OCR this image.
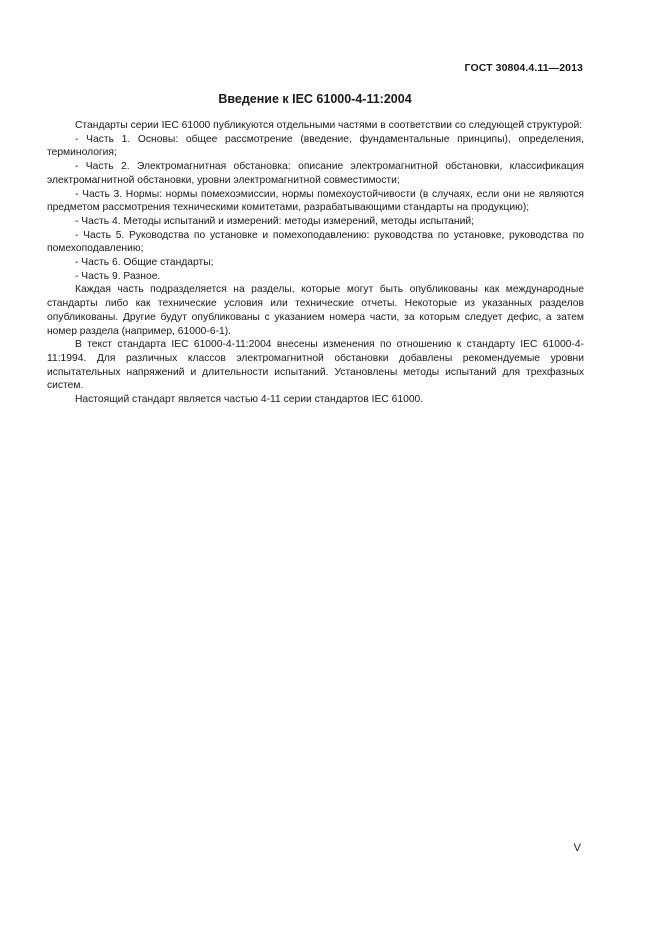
ГОСТ 30804.4.11—2013
Введение к IEC 61000-4-11:2004

Стандарты серии IEC 61000 публикуются отдельными частями в соответствии со следующей структурой:

- Часть 1. Основы: общее рассмотрение (введение, фундаментальные принципы), определения, терминология;

- Часть 2. Электромагнитная обстановка: описание электромагнитной обстановки, классификация электромагнитной обстановки, уровни электромагнитной совместимости;

- Часть 3. Нормы: нормы помехоэмиссии, нормы помехоустойчивости (в случаях, если они не являются предметом рассмотрения техническими комитетами, разрабатывающими стандарты на продукцию);

- Часть 4. Методы испытаний и измерений: методы измерений, методы испытаний;

- Часть 5. Руководства по установке и помехоподавлению: руководства по установке, руководства по помехоподавлению;

- Часть 6. Общие стандарты;

- Часть 9. Разное.

Каждая часть подразделяется на разделы, которые могут быть опубликованы как международные стандарты либо как технические условия или технические отчеты. Некоторые из указанных разделов опубликованы. Другие будут опубликованы с указанием номера части, за которым следует дефис, а затем номер раздела (например, 61000-6-1).

В текст стандарта IEC 61000-4-11:2004 внесены изменения по отношению к стандарту IEC 61000-4-11:1994. Для различных классов электромагнитной обстановки добавлены рекомендуемые уровни испытательных напряжений и длительности испытаний. Установлены методы испытаний для трехфазных систем.

Настоящий стандарт является частью 4-11 серии стандартов IEC 61000.

V
